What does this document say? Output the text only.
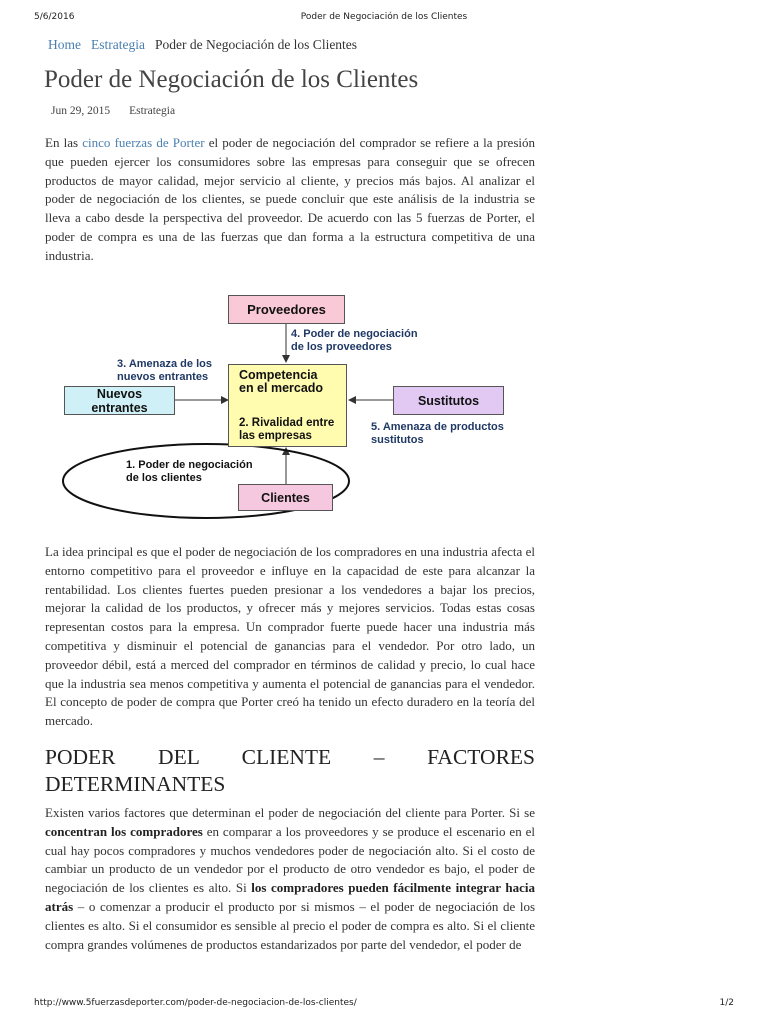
5/6/2016	Poder de Negociación de los Clientes
Home Estrategia Poder de Negociación de los Clientes
Poder de Negociación de los Clientes
Jun 29, 2015 Estrategia

En las cinco fuerzas de Porter el poder de negociación del comprador se refiere a la presión que pueden ejercer los consumidores sobre las empresas para conseguir que se ofrecen productos de mayor calidad, mejor servicio al cliente, y precios más bajos. Al analizar el poder de negociación de los clientes, se puede concluir que este análisis de la industria se lleva a cabo desde la perspectiva del proveedor. De acuerdo con las 5 fuerzas de Porter, el poder de compra es una de las fuerzas que dan forma a la estructura competitiva de una industria.

Proveedores
4. Poder de negociación
de los proveedores
3. Amenaza de los
nuevos entrantes	Competencia
en el mercado
2. Rivalidad entre
las empresas
Nuevos
entrantes	Sustitutos
5. Amenaza de productos
sustitutos
1. Poder de negociación
de los clientes
Clientes

La idea principal es que el poder de negociación de los compradores en una industria afecta el entorno competitivo para el proveedor e influye en la capacidad de este para alcanzar la rentabilidad. Los clientes fuertes pueden presionar a los vendedores a bajar los precios, mejorar la calidad de los productos, y ofrecer más y mejores servicios. Todas estas cosas representan costos para la empresa. Un comprador fuerte puede hacer una industria más competitiva y disminuir el potencial de ganancias para el vendedor. Por otro lado, un proveedor débil, está a merced del comprador en términos de calidad y precio, lo cual hace que la industria sea menos competitiva y aumenta el potencial de ganancias para el vendedor. El concepto de poder de compra que Porter creó ha tenido un efecto duradero en la teoría del mercado.

PODER DEL CLIENTE – FACTORES DETERMINANTES

Existen varios factores que determinan el poder de negociación del cliente para Porter. Si se concentran los compradores en comparar a los proveedores y se produce el escenario en el cual hay pocos compradores y muchos vendedores poder de negociación alto. Si el costo de cambiar un producto de un vendedor por el producto de otro vendedor es bajo, el poder de negociación de los clientes es alto. Si los compradores pueden fácilmente integrar hacia atrás – o comenzar a producir el producto por si mismos – el poder de negociación de los clientes es alto. Si el consumidor es sensible al precio el poder de compra es alto. Si el cliente compra grandes volúmenes de productos estandarizados por parte del vendedor, el poder de

http://www.5fuerzasdeporter.com/poder-de-negociacion-de-los-clientes/	1/2
